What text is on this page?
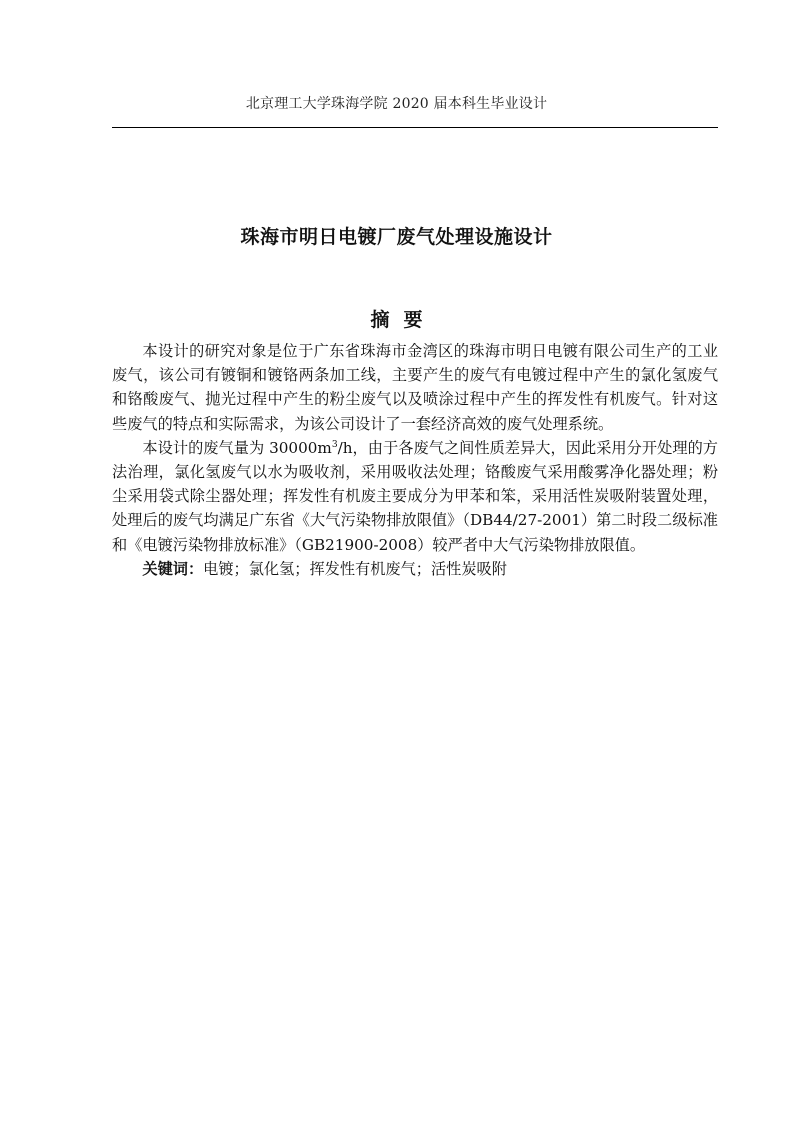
北京理工大学珠海学院 2020 届本科生毕业设计
珠海市明日电镀厂废气处理设施设计
摘要

本设计的研究对象是位于广东省珠海市金湾区的珠海市明日电镀有限公司生产的工业废气，该公司有镀铜和镀铬两条加工线，主要产生的废气有电镀过程中产生的氯化氢废气和铬酸废气、抛光过程中产生的粉尘废气以及喷涂过程中产生的挥发性有机废气。针对这些废气的特点和实际需求，为该公司设计了一套经济高效的废气处理系统。

本设计的废气量为 $30000m^3/h$，由于各废气之间性质差异大，因此采用分开处理的方法治理，氯化氢废气以水为吸收剂，采用吸收法处理；铬酸废气采用酸雾净化器处理；粉尘采用袋式除尘器处理；挥发性有机废主要成分为甲苯和笨，采用活性炭吸附装置处理，处理后的废气均满足广东省《大气污染物排放限值》（DB44/27-2001）第二时段二级标准和《电镀污染物排放标准》（GB21900-2008）较严者中大气污染物排放限值。

关键词：电镀；氯化氢；挥发性有机废气；活性炭吸附
